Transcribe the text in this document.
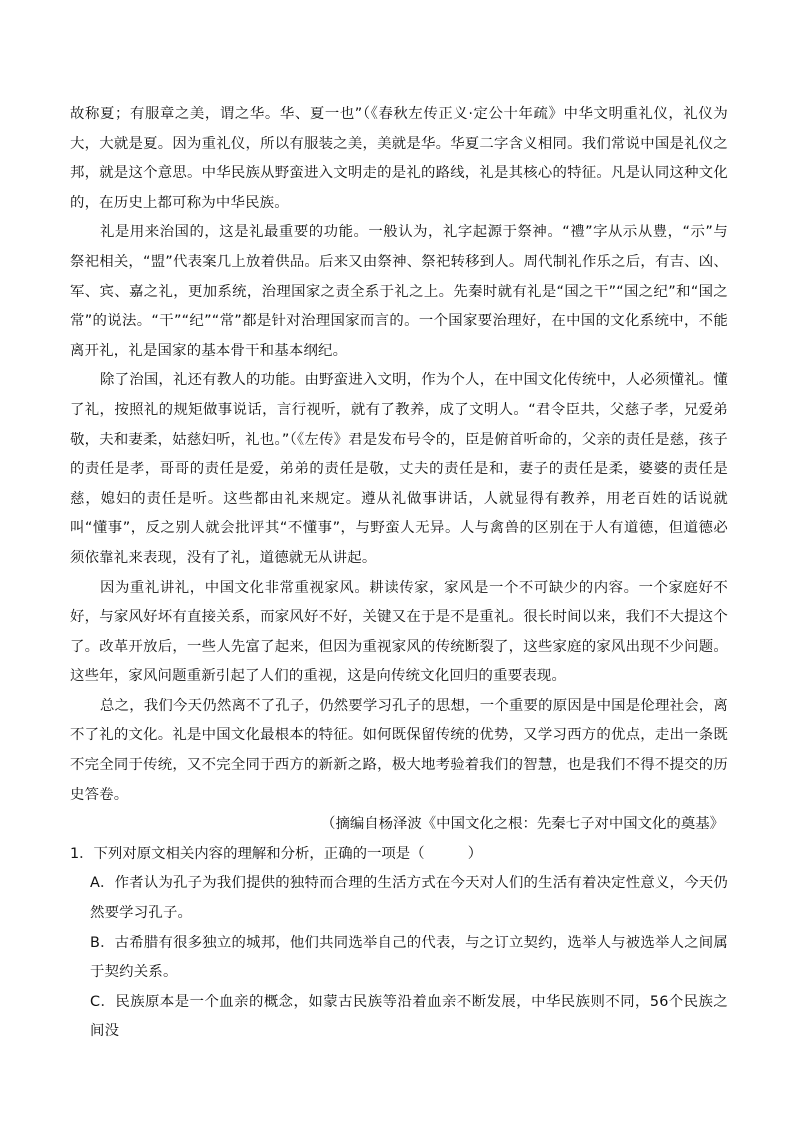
故称夏；有服章之美，谓之华。华、夏一也”（《春秋左传正义·定公十年疏》中华文明重礼仪，礼仪为大，大就是夏。因为重礼仪，所以有服装之美，美就是华。华夏二字含义相同。我们常说中国是礼仪之邦，就是这个意思。中华民族从野蛮进入文明走的是礼的路线，礼是其核心的特征。凡是认同这种文化的，在历史上都可称为中华民族。

礼是用来治国的，这是礼最重要的功能。一般认为，礼字起源于祭神。“禮”字从示从豊，“示”与祭祀相关，“盟”代表案几上放着供品。后来又由祭神、祭祀转移到人。周代制礼作乐之后，有吉、凶、军、宾、嘉之礼，更加系统，治理国家之责全系于礼之上。先秦时就有礼是“国之干”“国之纪”和“国之常”的说法。“干”“纪”“常”都是针对治理国家而言的。一个国家要治理好，在中国的文化系统中，不能离开礼，礼是国家的基本骨干和基本纲纪。

除了治国，礼还有教人的功能。由野蛮进入文明，作为个人，在中国文化传统中，人必须懂礼。懂了礼，按照礼的规矩做事说话，言行视听，就有了教养，成了文明人。“君令臣共，父慈子孝，兄爱弟敬，夫和妻柔，姑慈妇听，礼也。”（《左传》君是发布号令的，臣是俯首听命的，父亲的责任是慈，孩子的责任是孝，哥哥的责任是爱，弟弟的责任是敬，丈夫的责任是和，妻子的责任是柔，婆婆的责任是慈，媳妇的责任是听。这些都由礼来规定。遵从礼做事讲话，人就显得有教养，用老百姓的话说就叫“懂事”，反之别人就会批评其“不懂事”，与野蛮人无异。人与禽兽的区别在于人有道德，但道德必须依靠礼来表现，没有了礼，道德就无从讲起。

因为重礼讲礼，中国文化非常重视家风。耕读传家，家风是一个不可缺少的内容。一个家庭好不好，与家风好坏有直接关系，而家风好不好，关键又在于是不是重礼。很长时间以来，我们不大提这个了。改革开放后，一些人先富了起来，但因为重视家风的传统断裂了，这些家庭的家风出现不少问题。这些年，家风问题重新引起了人们的重视，这是向传统文化回归的重要表现。

总之，我们今天仍然离不了孔子，仍然要学习孔子的思想，一个重要的原因是中国是伦理社会，离不了礼的文化。礼是中国文化最根本的特征。如何既保留传统的优势，又学习西方的优点，走出一条既不完全同于传统，又不完全同于西方的新新之路，极大地考验着我们的智慧，也是我们不得不提交的历史答卷。

（摘编自杨泽波《中国文化之根：先秦七子对中国文化的奠基》

1．下列对原文相关内容的理解和分析，正确的一项是（　　　）

A．作者认为孔子为我们提供的独特而合理的生活方式在今天对人们的生活有着决定性意义，今天仍然要学习孔子。

B．古希腊有很多独立的城邦，他们共同选举自己的代表，与之订立契约，选举人与被选举人之间属于契约关系。

C．民族原本是一个血亲的概念，如蒙古民族等沿着血亲不断发展，中华民族则不同，56个民族之间没
